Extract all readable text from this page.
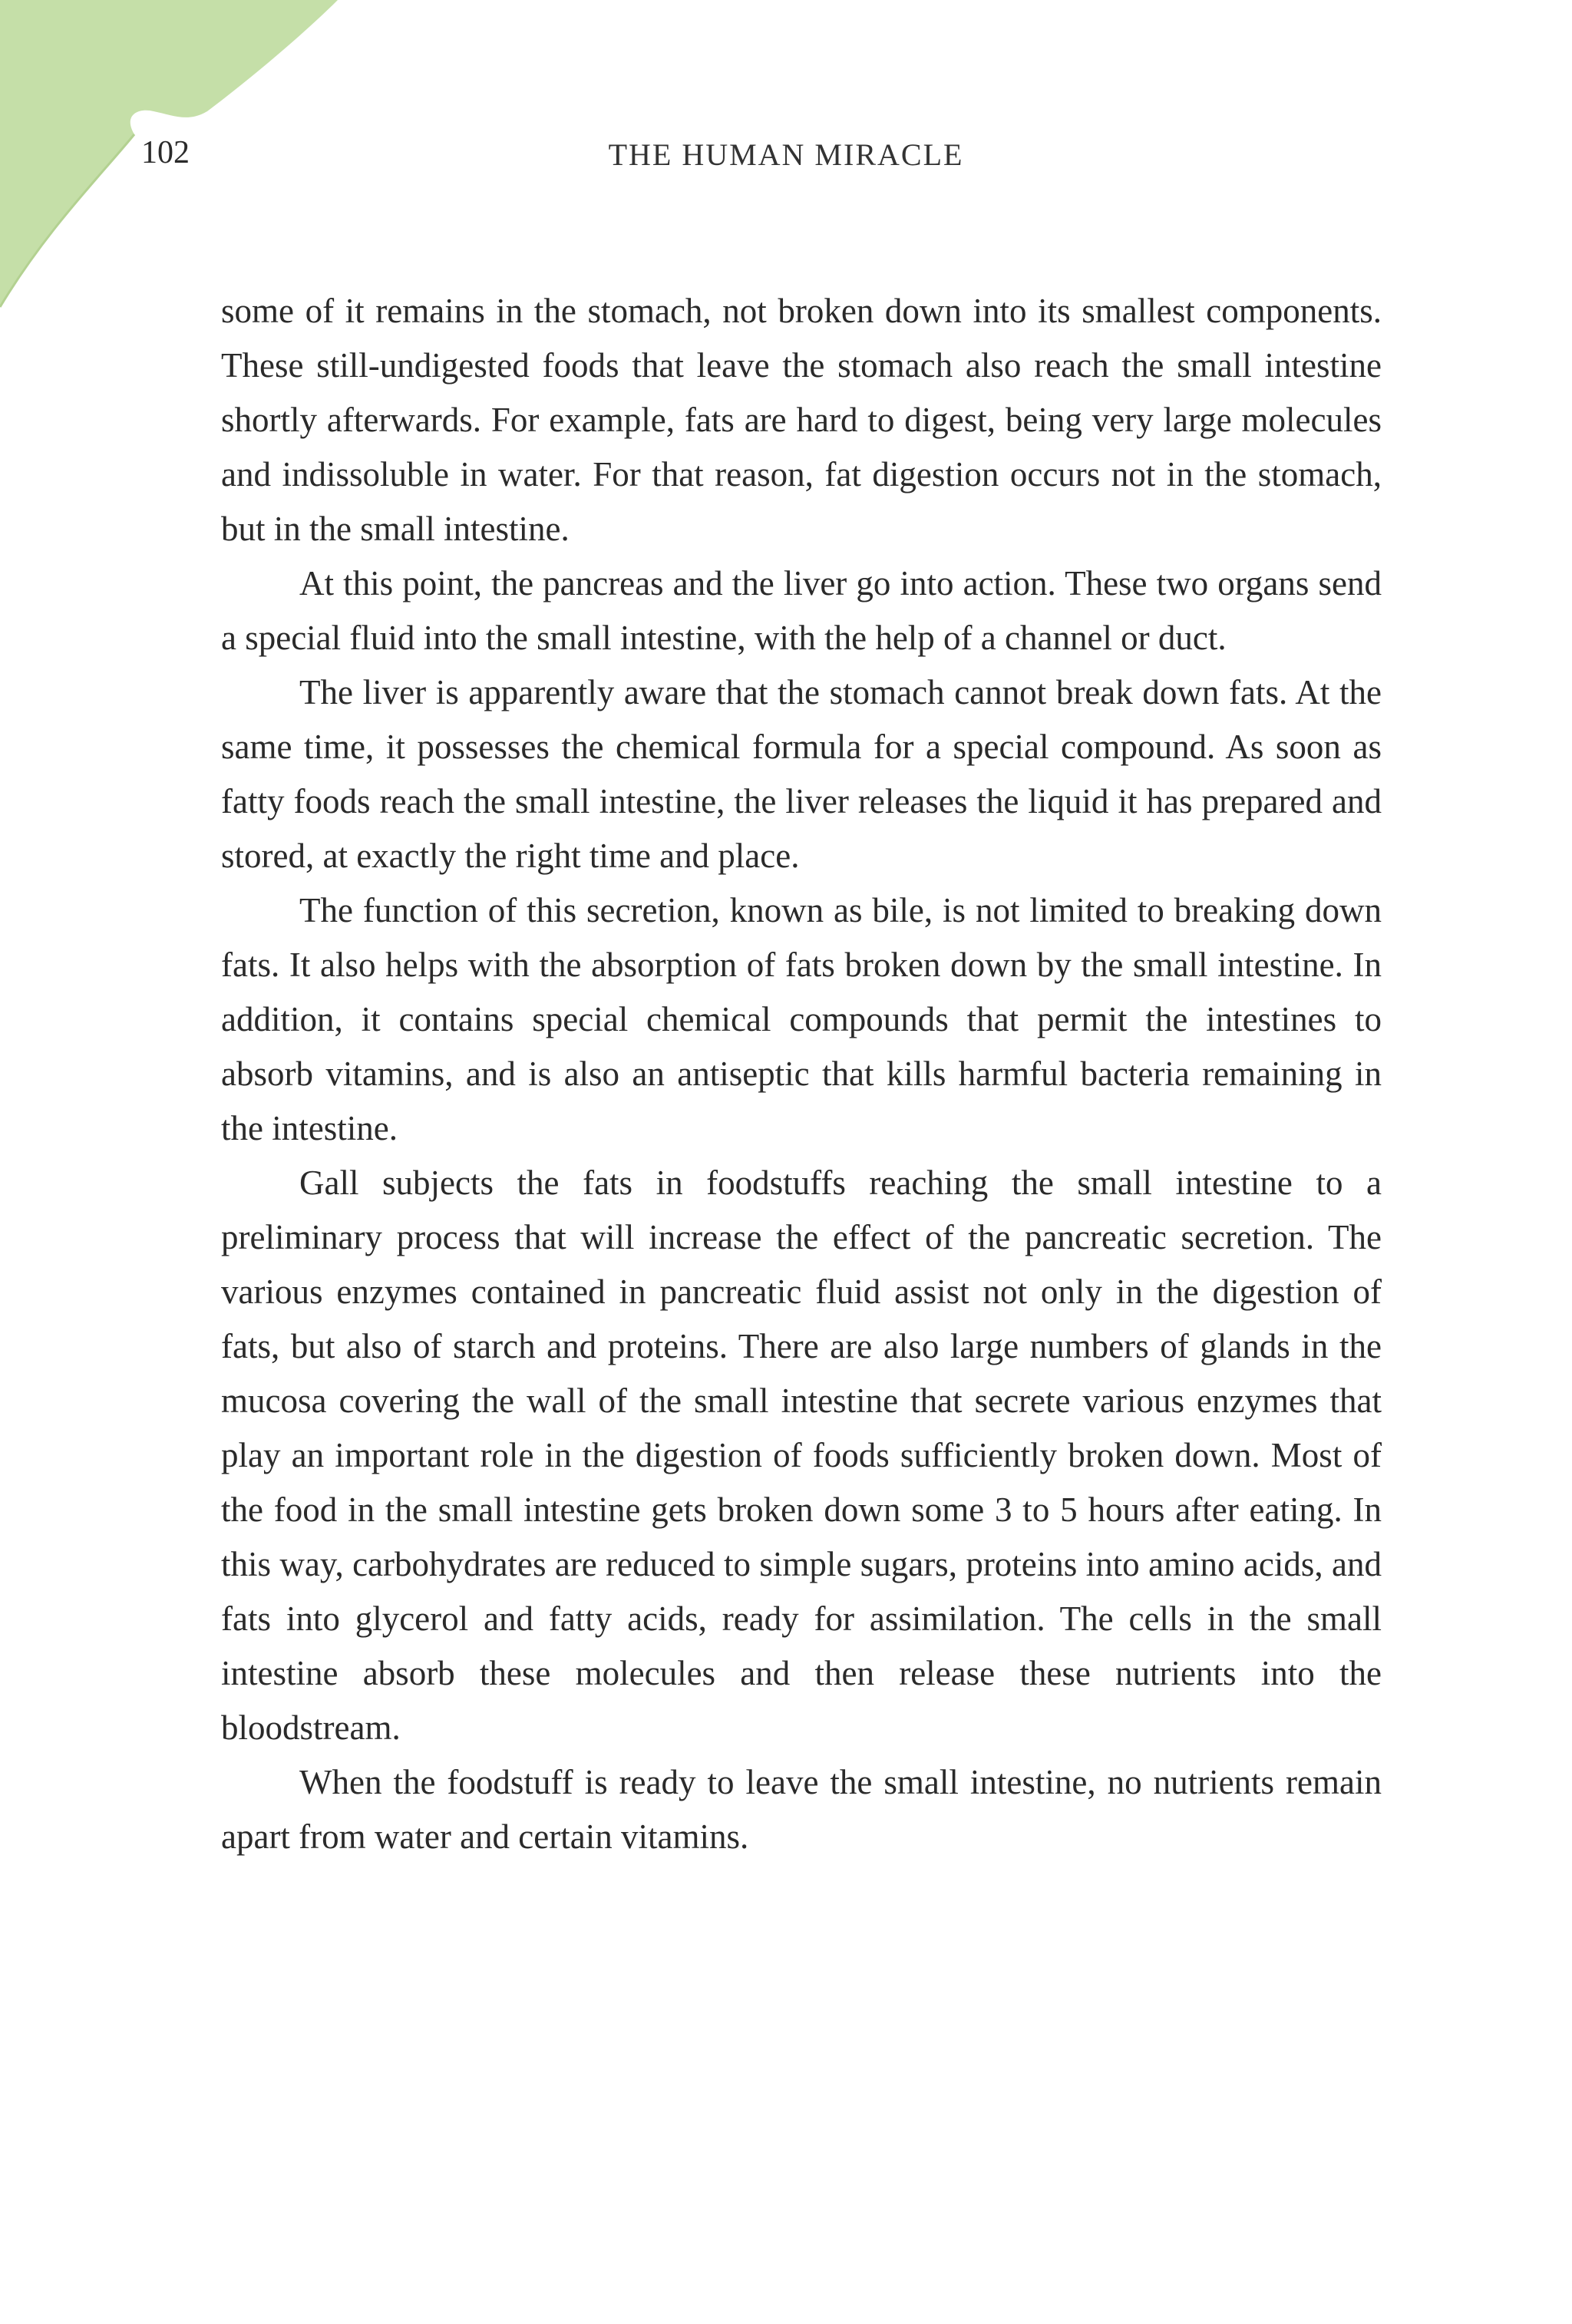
102	THE HUMAN MIRACLE

some of it remains in the stomach, not broken down into its smallest components. These still-undigested foods that leave the stomach also reach the small intestine shortly afterwards. For example, fats are hard to digest, being very large molecules and indissoluble in water. For that reason, fat digestion occurs not in the stomach, but in the small intestine.

At this point, the pancreas and the liver go into action. These two organs send a special fluid into the small intestine, with the help of a channel or duct.

The liver is apparently aware that the stomach cannot break down fats. At the same time, it possesses the chemical formula for a special compound. As soon as fatty foods reach the small intestine, the liver releases the liquid it has prepared and stored, at exactly the right time and place.

The function of this secretion, known as bile, is not limited to breaking down fats. It also helps with the absorption of fats broken down by the small intestine. In addition, it contains special chemical compounds that permit the intestines to absorb vitamins, and is also an antiseptic that kills harmful bacteria remaining in the intestine.

Gall subjects the fats in foodstuffs reaching the small intestine to a preliminary process that will increase the effect of the pancreatic secretion. The various enzymes contained in pancreatic fluid assist not only in the digestion of fats, but also of starch and proteins. There are also large numbers of glands in the mucosa covering the wall of the small intestine that secrete various enzymes that play an important role in the digestion of foods sufficiently broken down. Most of the food in the small intestine gets broken down some 3 to 5 hours after eating. In this way, carbohydrates are reduced to simple sugars, proteins into amino acids, and fats into glycerol and fatty acids, ready for assimilation. The cells in the small intestine absorb these molecules and then release these nutrients into the bloodstream.

When the foodstuff is ready to leave the small intestine, no nutrients remain apart from water and certain vitamins.
